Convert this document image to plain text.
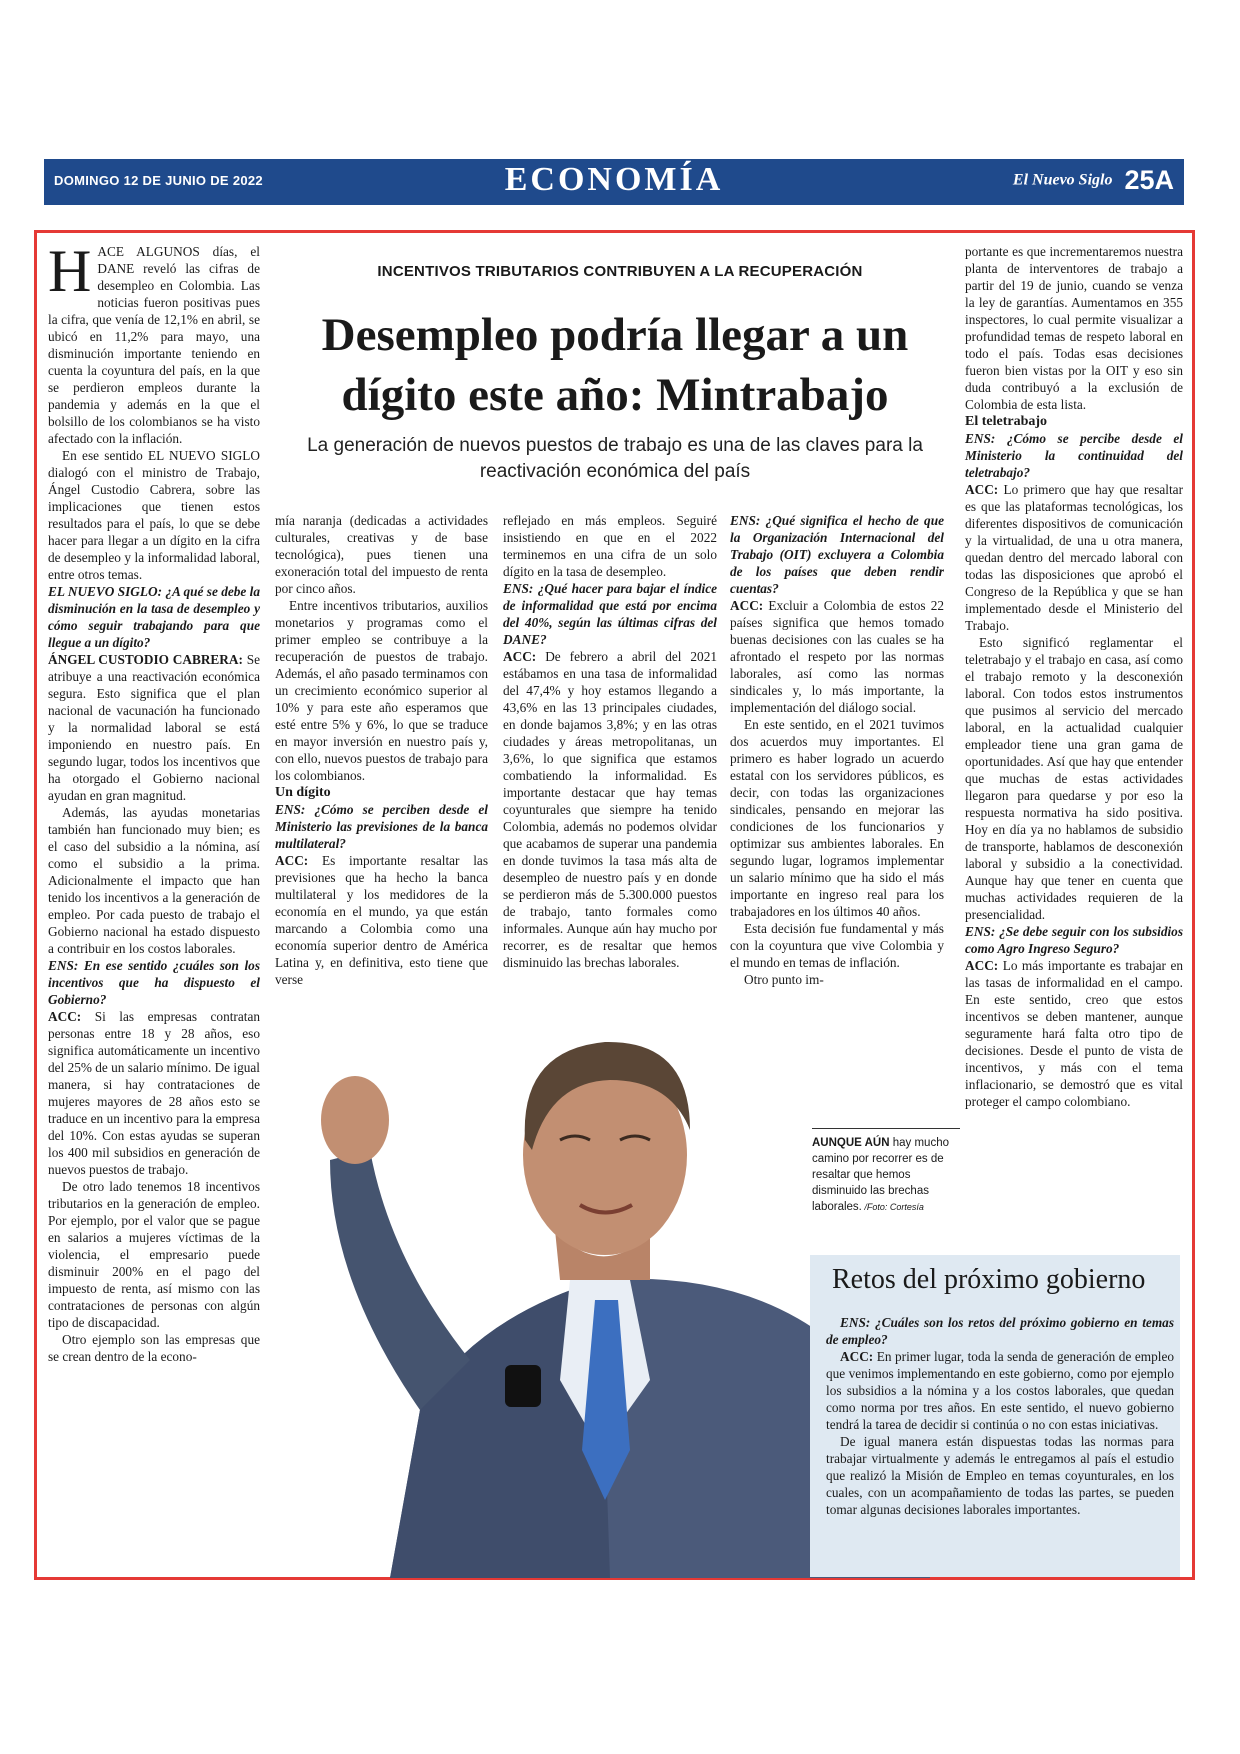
DOMINGO 12 DE JUNIO DE 2022	ECONOMÍA	El Nuevo Siglo 25A
INCENTIVOS TRIBUTARIOS CONTRIBUYEN A LA RECUPERACIÓN
Desempleo podría llegar a un
dígito este año: Mintrabajo
La generación de nuevos puestos de trabajo es una de las claves para la
reactivación económica del país

HACE ALGUNOS días, el DANE reveló las cifras de desempleo en Colombia. Las noticias fueron positivas pues la cifra, que venía de 12,1% en abril, se ubicó en 11,2% para mayo, una disminución importante teniendo en cuenta la coyuntura del país, en la que se perdieron empleos durante la pandemia y además en la que el bolsillo de los colombianos se ha visto afectado con la inflación.

En ese sentido EL NUEVO SIGLO dialogó con el ministro de Trabajo, Ángel Custodio Cabrera, sobre las implicaciones que tienen estos resultados para el país, lo que se debe hacer para llegar a un dígito en la cifra de desempleo y la informalidad laboral, entre otros temas.

EL NUEVO SIGLO: ¿A qué se debe la disminución en la tasa de desempleo y cómo seguir trabajando para que llegue a un dígito?

ÁNGEL CUSTODIO CABRERA: Se atribuye a una reactivación económica segura. Esto significa que el plan nacional de vacunación ha funcionado y la normalidad laboral se está imponiendo en nuestro país. En segundo lugar, todos los incentivos que ha otorgado el Gobierno nacional ayudan en gran magnitud.

Además, las ayudas monetarias también han funcionado muy bien; es el caso del subsidio a la nómina, así como el subsidio a la prima. Adicionalmente el impacto que han tenido los incentivos a la generación de empleo. Por cada puesto de trabajo el Gobierno nacional ha estado dispuesto a contribuir en los costos laborales.

ENS: En ese sentido ¿cuáles son los incentivos que ha dispuesto el Gobierno?

ACC: Si las empresas contratan personas entre 18 y 28 años, eso significa automáticamente un incentivo del 25% de un salario mínimo. De igual manera, si hay contrataciones de mujeres mayores de 28 años esto se traduce en un incentivo para la empresa del 10%. Con estas ayudas se superan los 400 mil subsidios en generación de nuevos puestos de trabajo.

De otro lado tenemos 18 incentivos tributarios en la generación de empleo. Por ejemplo, por el valor que se pague en salarios a mujeres víctimas de la violencia, el empresario puede disminuir 200% en el pago del impuesto de renta, así mismo con las contrataciones de personas con algún tipo de discapacidad.

Otro ejemplo son las empresas que se crean dentro de la econo-

mía naranja (dedicadas a actividades culturales, creativas y de base tecnológica), pues tienen una exoneración total del impuesto de renta por cinco años.

Entre incentivos tributarios, auxilios monetarios y programas como el primer empleo se contribuye a la recuperación de puestos de trabajo. Además, el año pasado terminamos con un crecimiento económico superior al 10% y para este año esperamos que esté entre 5% y 6%, lo que se traduce en mayor inversión en nuestro país y, con ello, nuevos puestos de trabajo para los colombianos.

Un dígito

ENS: ¿Cómo se perciben desde el Ministerio las previsiones de la banca multilateral?

ACC: Es importante resaltar las previsiones que ha hecho la banca multilateral y los medidores de la economía en el mundo, ya que están marcando a Colombia como una economía superior dentro de América Latina y, en definitiva, esto tiene que verse

reflejado en más empleos. Seguiré insistiendo en que en el 2022 terminemos en una cifra de un solo dígito en la tasa de desempleo.

ENS: ¿Qué hacer para bajar el índice de informalidad que está por encima del 40%, según las últimas cifras del DANE?

ACC: De febrero a abril del 2021 estábamos en una tasa de informalidad del 47,4% y hoy estamos llegando a 43,6% en las 13 principales ciudades, en donde bajamos 3,8%; y en las otras ciudades y áreas metropolitanas, un 3,6%, lo que significa que estamos combatiendo la informalidad. Es importante destacar que hay temas coyunturales que siempre ha tenido Colombia, además no podemos olvidar que acabamos de superar una pandemia en donde tuvimos la tasa más alta de desempleo de nuestro país y en donde se perdieron más de 5.300.000 puestos de trabajo, tanto formales como informales. Aunque aún hay mucho por recorrer, es de resaltar que hemos disminuido las brechas laborales.

ENS: ¿Qué significa el hecho de que la Organización Internacional del Trabajo (OIT) excluyera a Colombia de los países que deben rendir cuentas?

ACC: Excluir a Colombia de estos 22 países significa que hemos tomado buenas decisiones con las cuales se ha afrontado el respeto por las normas laborales, así como las normas sindicales y, lo más importante, la implementación del diálogo social.

En este sentido, en el 2021 tuvimos dos acuerdos muy importantes. El primero es haber logrado un acuerdo estatal con los servidores públicos, es decir, con todas las organizaciones sindicales, pensando en mejorar las condiciones de los funcionarios y optimizar sus ambientes laborales. En segundo lugar, logramos implementar un salario mínimo que ha sido el más importante en ingreso real para los trabajadores en los últimos 40 años.

Esta decisión fue fundamental y más con la coyuntura que vive Colombia y el mundo en temas de inflación.

Otro punto im-

portante es que incrementaremos nuestra planta de interventores de trabajo a partir del 19 de junio, cuando se venza la ley de garantías. Aumentamos en 355 inspectores, lo cual permite visualizar a profundidad temas de respeto laboral en todo el país. Todas esas decisiones fueron bien vistas por la OIT y eso sin duda contribuyó a la exclusión de Colombia de esta lista.

El teletrabajo

ENS: ¿Cómo se percibe desde el Ministerio la continuidad del teletrabajo?

ACC: Lo primero que hay que resaltar es que las plataformas tecnológicas, los diferentes dispositivos de comunicación y la virtualidad, de una u otra manera, quedan dentro del mercado laboral con todas las disposiciones que aprobó el Congreso de la República y que se han implementado desde el Ministerio del Trabajo.

Esto significó reglamentar el teletrabajo y el trabajo en casa, así como el trabajo remoto y la desconexión laboral. Con todos estos instrumentos que pusimos al servicio del mercado laboral, en la actualidad cualquier empleador tiene una gran gama de oportunidades. Así que hay que entender que muchas de estas actividades llegaron para quedarse y por eso la respuesta normativa ha sido positiva. Hoy en día ya no hablamos de subsidio de transporte, hablamos de desconexión laboral y subsidio a la conectividad. Aunque hay que tener en cuenta que muchas actividades requieren de la presencialidad.

ENS: ¿Se debe seguir con los subsidios como Agro Ingreso Seguro?

ACC: Lo más importante es trabajar en las tasas de informalidad en el campo. En este sentido, creo que estos incentivos se deben mantener, aunque seguramente hará falta otro tipo de decisiones. Desde el punto de vista de incentivos, y más con el tema inflacionario, se demostró que es vital proteger el campo colombiano.

AUNQUE AÚN hay mucho camino por recorrer es de resaltar que hemos disminuido las brechas laborales. /Foto: Cortesía
Retos del próximo gobierno

ENS: ¿Cuáles son los retos del próximo gobierno en temas de empleo?

ACC: En primer lugar, toda la senda de generación de empleo que venimos implementando en este gobierno, como por ejemplo los subsidios a la nómina y a los costos laborales, que quedan como norma por tres años. En este sentido, el nuevo gobierno tendrá la tarea de decidir si continúa o no con estas iniciativas.

De igual manera están dispuestas todas las normas para trabajar virtualmente y además le entregamos al país el estudio que realizó la Misión de Empleo en temas coyunturales, en los cuales, con un acompañamiento de todas las partes, se pueden tomar algunas decisiones laborales importantes.
